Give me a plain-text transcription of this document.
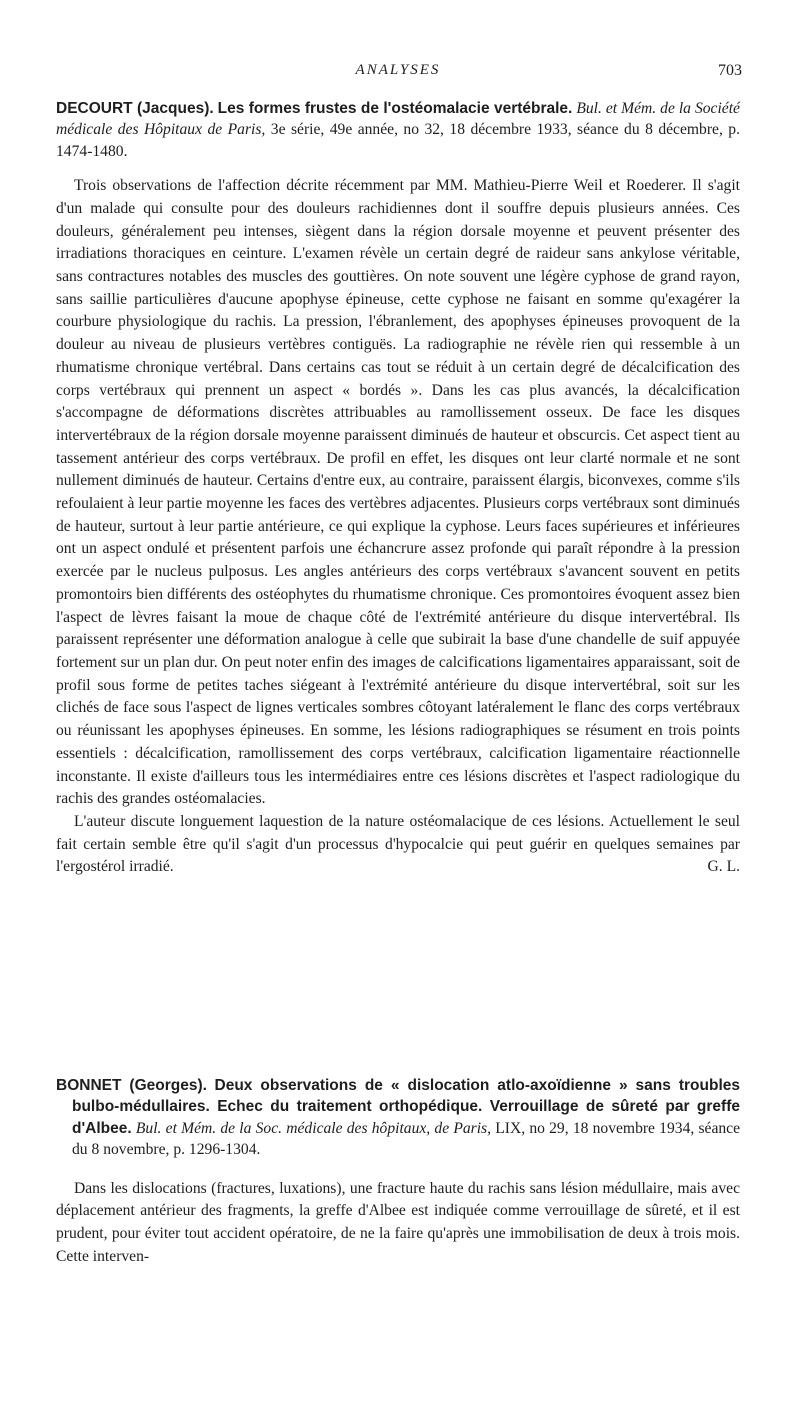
ANALYSES	703

DECOURT (Jacques). Les formes frustes de l'ostéomalacie vertébrale. Bul. et Mém. de la Société médicale des Hôpitaux de Paris, 3e série, 49e année, no 32, 18 décembre 1933, séance du 8 décembre, p. 1474-1480.

Trois observations de l'affection décrite récemment par MM. Mathieu-Pierre Weil et Roederer. Il s'agit d'un malade qui consulte pour des douleurs rachidiennes dont il souffre depuis plusieurs années. Ces douleurs, généralement peu intenses, siègent dans la région dorsale moyenne et peuvent présenter des irradiations thoraciques en ceinture. L'examen révèle un certain degré de raideur sans ankylose véritable, sans contractures notables des muscles des gouttières. On note souvent une légère cyphose de grand rayon, sans saillie particulières d'aucune apophyse épineuse, cette cyphose ne faisant en somme qu'exagérer la courbure physiologique du rachis. La pression, l'ébranlement, des apophyses épineuses provoquent de la douleur au niveau de plusieurs vertèbres contiguës. La radiographie ne révèle rien qui ressemble à un rhumatisme chronique vertébral. Dans certains cas tout se réduit à un certain degré de décalcification des corps vertébraux qui prennent un aspect « bordés ». Dans les cas plus avancés, la décalcification s'accompagne de déformations discrètes attribuables au ramollissement osseux. De face les disques intervertébraux de la région dorsale moyenne paraissent diminués de hauteur et obscurcis. Cet aspect tient au tassement antérieur des corps vertébraux. De profil en effet, les disques ont leur clarté normale et ne sont nullement diminués de hauteur. Certains d'entre eux, au contraire, paraissent élargis, biconvexes, comme s'ils refoulaient à leur partie moyenne les faces des vertèbres adjacentes. Plusieurs corps vertébraux sont diminués de hauteur, surtout à leur partie antérieure, ce qui explique la cyphose. Leurs faces supérieures et inférieures ont un aspect ondulé et présentent parfois une échancrure assez profonde qui paraît répondre à la pression exercée par le nucleus pulposus. Les angles antérieurs des corps vertébraux s'avancent souvent en petits promontoirs bien différents des ostéophytes du rhumatisme chronique. Ces promontoires évoquent assez bien l'aspect de lèvres faisant la moue de chaque côté de l'extrémité antérieure du disque intervertébral. Ils paraissent représenter une déformation analogue à celle que subirait la base d'une chandelle de suif appuyée fortement sur un plan dur. On peut noter enfin des images de calcifications ligamentaires apparaissant, soit de profil sous forme de petites taches siégeant à l'extrémité antérieure du disque intervertébral, soit sur les clichés de face sous l'aspect de lignes verticales sombres côtoyant latéralement le flanc des corps vertébraux ou réunissant les apophyses épineuses. En somme, les lésions radiographiques se résument en trois points essentiels : décalcification, ramollissement des corps vertébraux, calcification ligamentaire réactionnelle inconstante. Il existe d'ailleurs tous les intermédiaires entre ces lésions discrètes et l'aspect radiologique du rachis des grandes ostéomalacies.

L'auteur discute longuement laquestion de la nature ostéomalacique de ces lésions. Actuellement le seul fait certain semble être qu'il s'agit d'un processus d'hypocalcie qui peut guérir en quelques semaines par l'ergostérol irradié.	G. L.

BONNET (Georges). Deux observations de « dislocation atlo-axoïdienne » sans troubles bulbo-médullaires. Echec du traitement orthopédique. Verrouillage de sûreté par greffe d'Albee. Bul. et Mém. de la Soc. médicale des hôpitaux, de Paris, LIX, no 29, 18 novembre 1934, séance du 8 novembre, p. 1296-1304.

Dans les dislocations (fractures, luxations), une fracture haute du rachis sans lésion médullaire, mais avec déplacement antérieur des fragments, la greffe d'Albee est indiquée comme verrouillage de sûreté, et il est prudent, pour éviter tout accident opératoire, de ne la faire qu'après une immobilisation de deux à trois mois. Cette interven-
